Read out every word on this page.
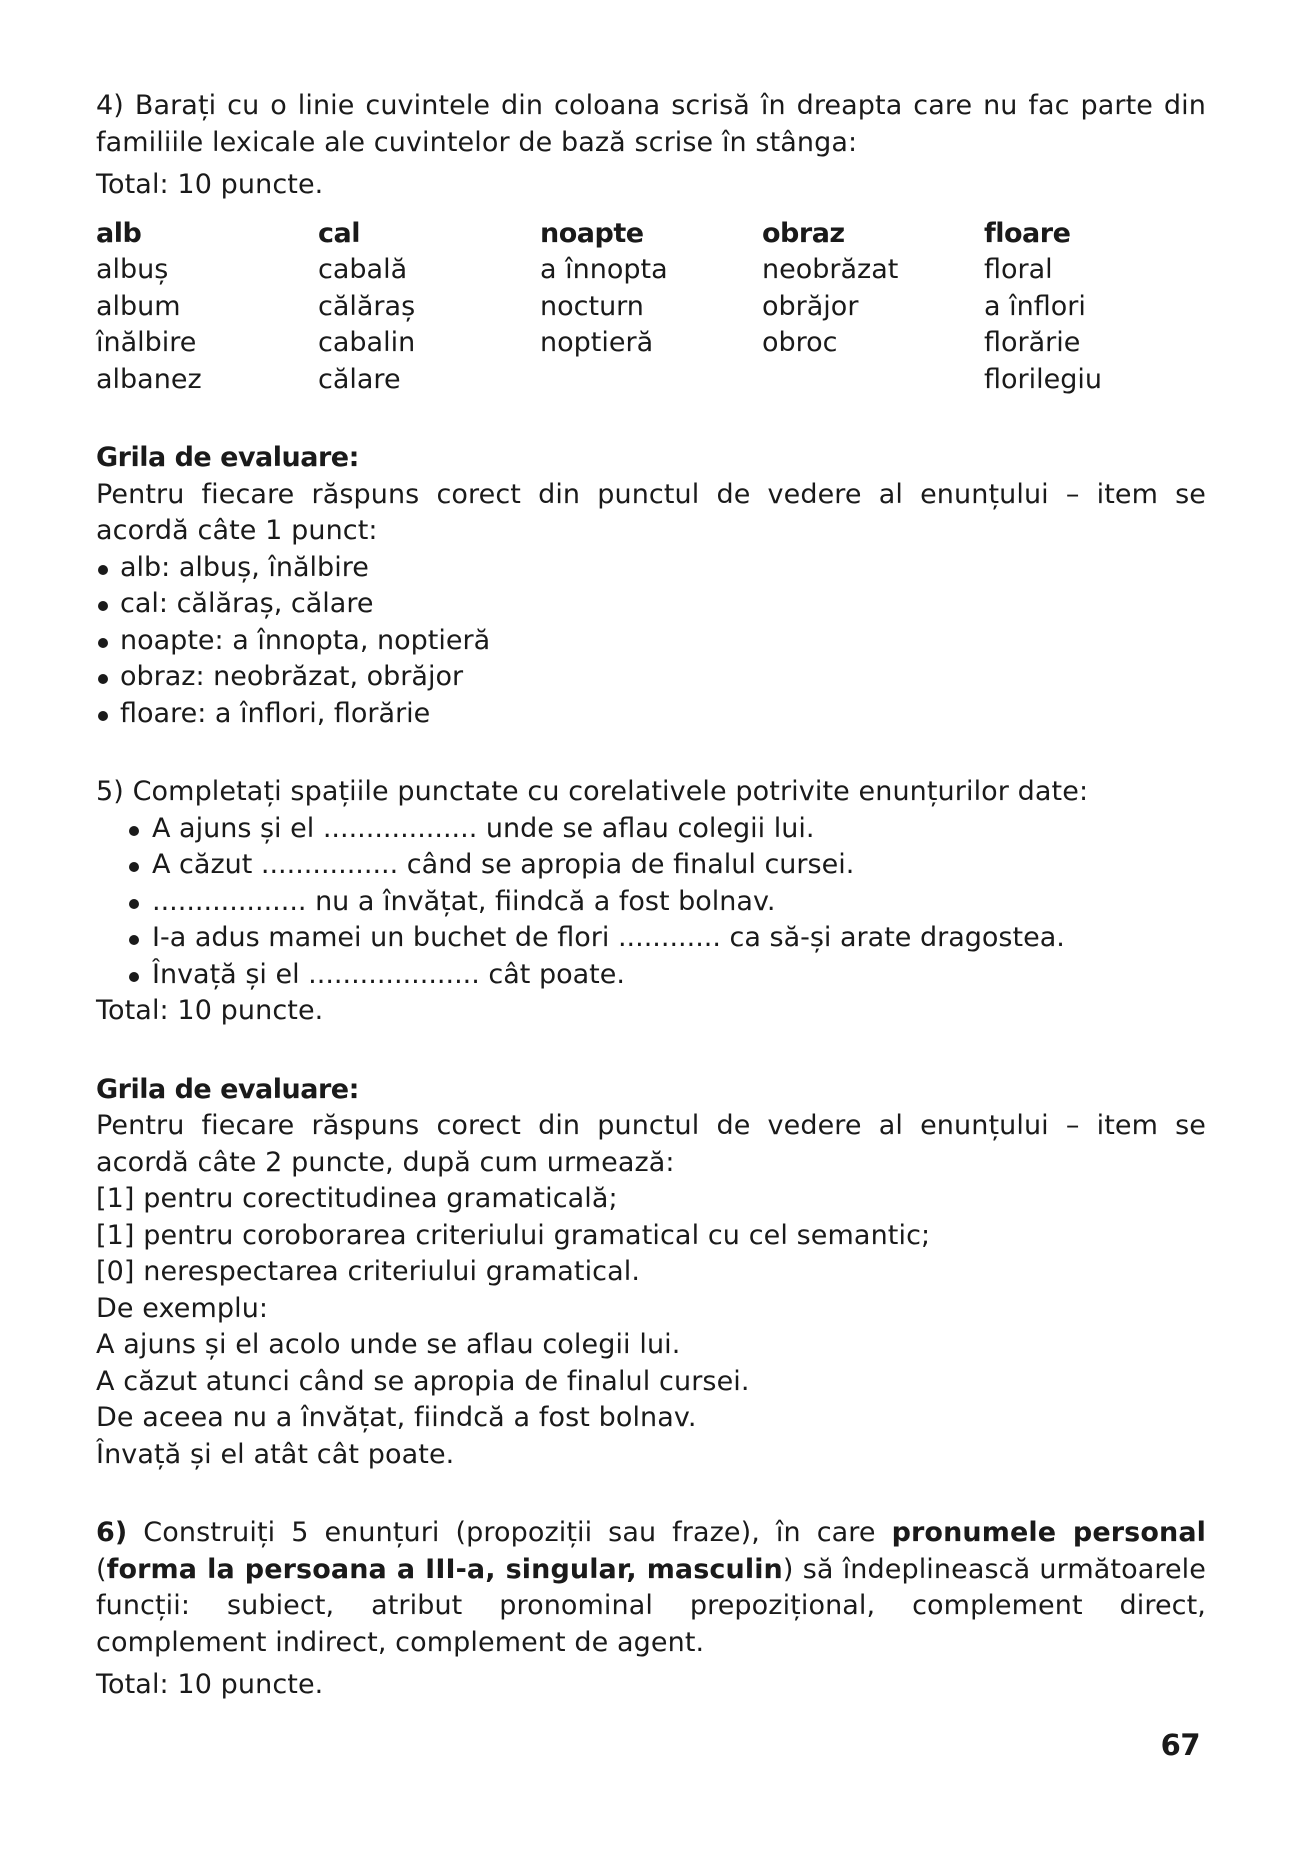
4) Barați cu o linie cuvintele din coloana scrisă în dreapta care nu fac parte din familiile lexicale ale cuvintelor de bază scrise în stânga:

Total: 10 puncte.

alb
albuș
album
înălbire
albanez
cal
cabală
călăraș
cabalin
călare
noapte
a înnopta
nocturn
noptieră
obraz
neobrăzat
obrăjor
obroc
floare
floral
a înflori
florărie
florilegiu
Grila de evaluare:

Pentru fiecare răspuns corect din punctul de vedere al enunțului – item se acordă câte 1 punct:

alb: albuș, înălbire
cal: călăraș, călare
noapte: a înnopta, noptieră
obraz: neobrăzat, obrăjor
floare: a înflori, florărie

5) Completați spațiile punctate cu corelativele potrivite enunțurilor date:

A ajuns și el .................. unde se aflau colegii lui.
A căzut ................ când se apropia de finalul cursei.
.................. nu a învățat, fiindcă a fost bolnav.
I-a adus mamei un buchet de flori ............ ca să-și arate dragostea.
Învață și el .................... cât poate.

Total: 10 puncte.

Grila de evaluare:

Pentru fiecare răspuns corect din punctul de vedere al enunțului – item se acordă câte 2 puncte, după cum urmează:

[1] pentru corectitudinea gramaticală;

[1] pentru coroborarea criteriului gramatical cu cel semantic;

[0] nerespectarea criteriului gramatical.

De exemplu:

A ajuns și el acolo unde se aflau colegii lui.

A căzut atunci când se apropia de finalul cursei.

De aceea nu a învățat, fiindcă a fost bolnav.

Învață și el atât cât poate.

6) Construiți 5 enunțuri (propoziții sau fraze), în care pronumele personal (forma la persoana a III-a, singular, masculin) să îndeplinească următoarele funcții: subiect, atribut pronominal prepozițional, complement direct, complement indirect, complement de agent.

Total: 10 puncte.

67
